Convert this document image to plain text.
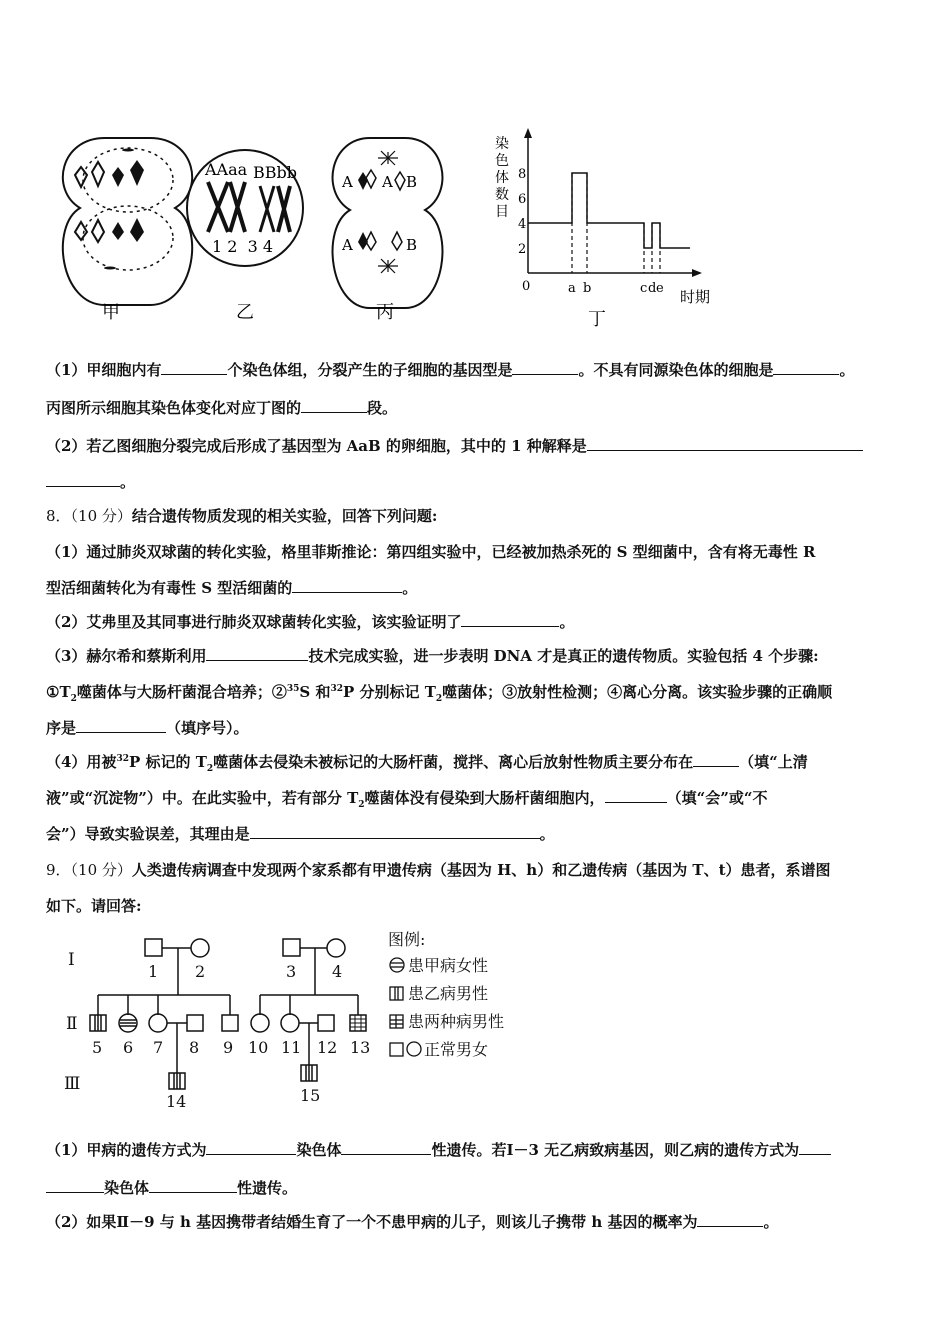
甲
AAaa BBbb
1 2  3 4
乙
A A B
A	B
丙
染 色 体 数 目
8
6
4
2
a b	c d e
0
时期
丁
（1）甲细胞内有	个染色体组，分裂产生的子细胞的基因型是	。不具有同源染色体的细胞是	。
丙图所示细胞其染色体变化对应丁图的	段。
（2）若乙图细胞分裂完成后形成了基因型为 AaB 的卵细胞，其中的 1 种解释是
。
8．（10 分）结合遗传物质发现的相关实验，回答下列问题:
（1）通过肺炎双球菌的转化实验，格里菲斯推论：第四组实验中，已经被加热杀死的 S 型细菌中，含有将无毒性 R
型活细菌转化为有毒性 S 型活细菌的	。
（2）艾弗里及其同事进行肺炎双球菌转化实验，该实验证明了	。
（3）赫尔希和蔡斯利用	技术完成实验，进一步表明 DNA 才是真正的遗传物质。实验包括 4 个步骤:
$①T_2$噬菌体与大肠杆菌混合培养；②$^{35}$S 和$^{32}$P 分别标记 $T_2$噬菌体；③放射性检测；④离心分离。该实验步骤的正确顺
序是	（填序号）。
（4）用被$^{32}$P 标记的 $T_2$噬菌体去侵染未被标记的大肠杆菌，搅拌、离心后放射性物质主要分布在	（填“上清
液”或“沉淀物”）中。在此实验中，若有部分 $T_2$噬菌体没有侵染到大肠杆菌细胞内，	（填“会”或“不
会”）导致实验误差，其理由是	。
9．（10 分）人类遗传病调查中发现两个家系都有甲遗传病（基因为 H、h）和乙遗传病（基因为 T、t）患者，系谱图
如下。请回答:
Ⅰ
Ⅱ
Ⅲ
1 2	3 4
5 6 7 8 9 10 11 12 13
14	15
图例:
患甲病女性
患乙病男性
患两种病男性
正常男女
（1）甲病的遗传方式为	染色体	性遗传。若Ⅰ－3 无乙病致病基因，则乙病的遗传方式为
染色体	性遗传。
（2）如果Ⅱ－9 与 h 基因携带者结婚生育了一个不患甲病的儿子，则该儿子携带 h 基因的概率为	。
